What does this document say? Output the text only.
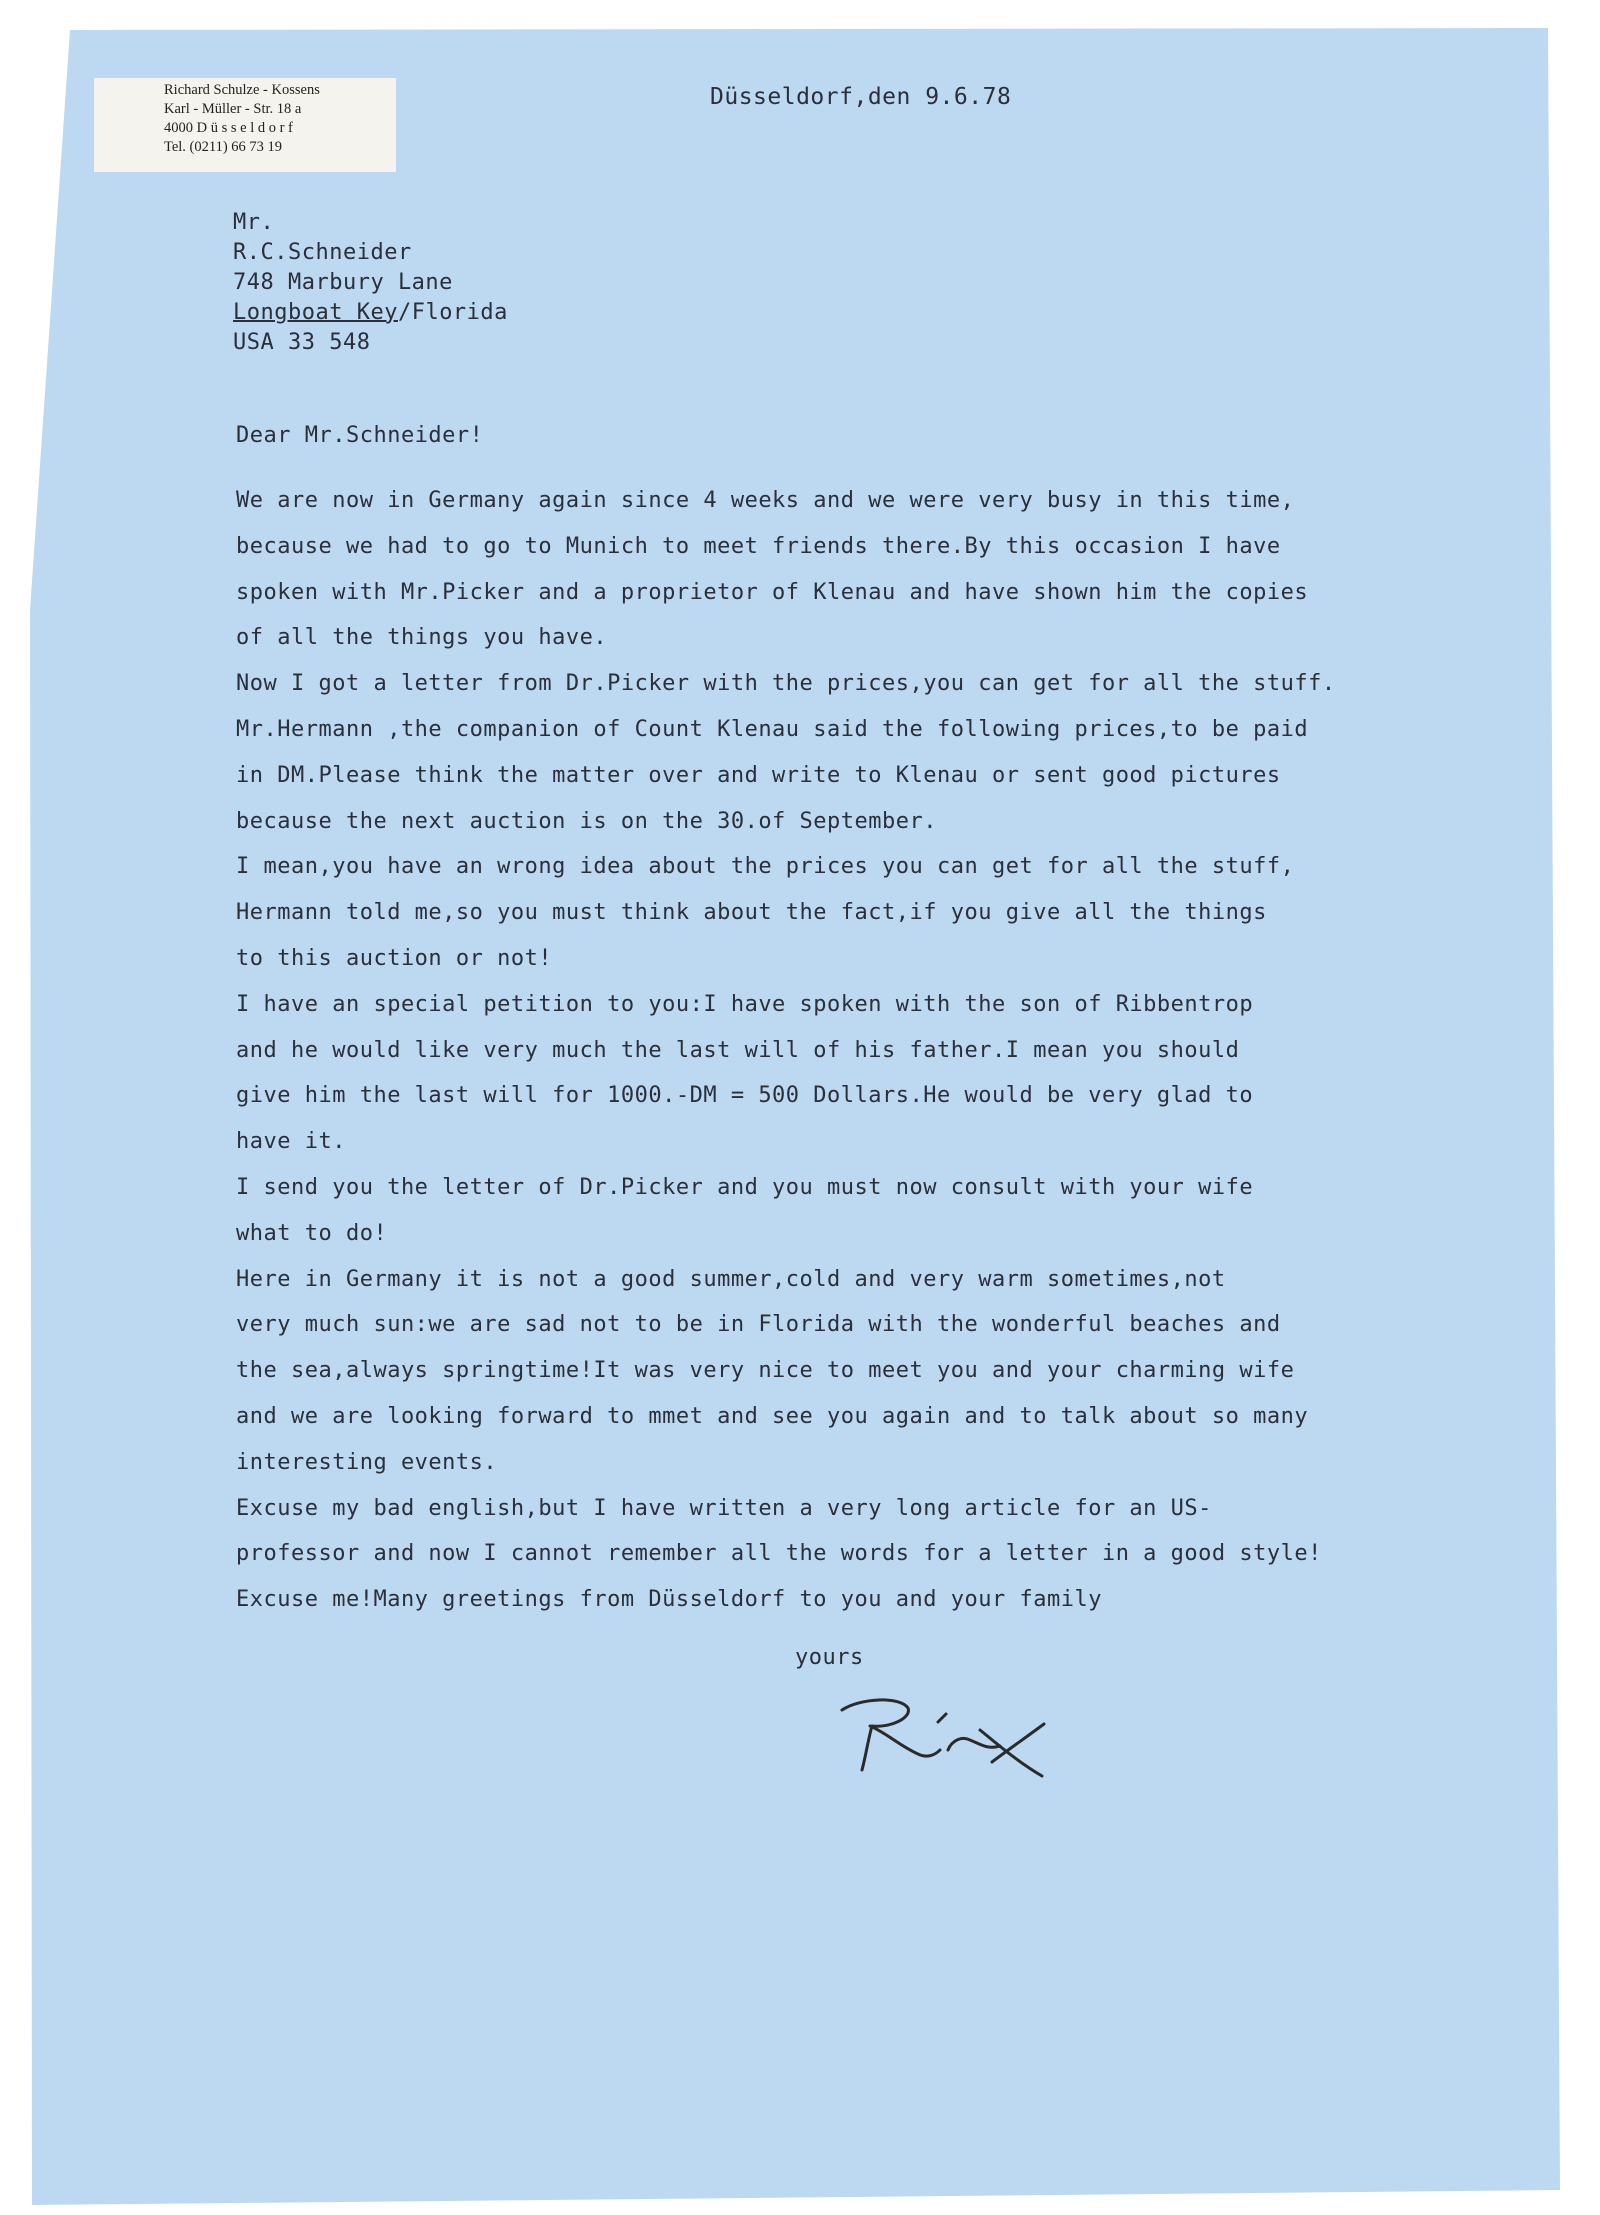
Richard Schulze - Kossens
Karl - Müller - Str. 18 a
4000 D ü s s e l d o r f
Tel. (0211) 66 73 19
Düsseldorf,den 9.6.78
Mr.
R.C.Schneider
748 Marbury Lane
Longboat Key/Florida
USA 33 548
Dear Mr.Schneider!
We are now in Germany again since 4 weeks and we were very busy in this time,
because we had to go to Munich to meet friends there.By this occasion I have
spoken with Mr.Picker and a proprietor of Klenau and have shown him the copies
of all the things you have.
Now I got a letter from Dr.Picker with the prices,you can get for all the stuff.
Mr.Hermann ,the companion of Count Klenau said the following prices,to be paid
in DM.Please think the matter over and write to Klenau or sent good pictures
because the next auction is on the 30.of September.
I mean,you have an wrong idea about the prices you can get for all the stuff,
Hermann told me,so you must think about the fact,if you give all the things
to this auction or not!
I have an special petition to you:I have spoken with the son of Ribbentrop
and he would like very much the last will of his father.I mean you should
give him the last will for 1000.-DM = 500 Dollars.He would be very glad to
have it.
I send you the letter of Dr.Picker and you must now consult with your wife
what to do!
Here in Germany it is not a good summer,cold and very warm sometimes,not
very much sun:we are sad not to be in Florida with the wonderful beaches and
the sea,always springtime!It was very nice to meet you and your charming wife
and we are looking forward to mmet and see you again and to talk about so many
interesting events.
Excuse my bad english,but I have written a very long article for an US-
professor and now I cannot remember all the words for a letter in a good style!
Excuse me!Many greetings from Düsseldorf to you and your family
yours
